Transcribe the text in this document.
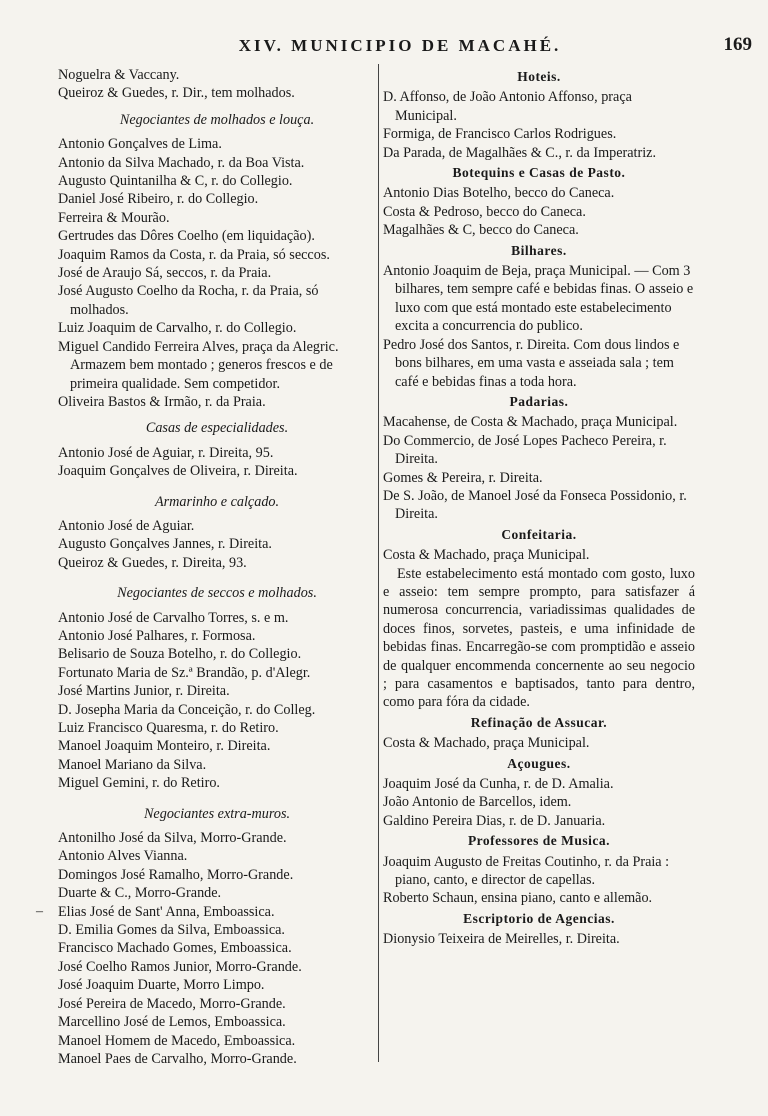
XIV. MUNICIPIO DE MACAHÉ.	169
–
Noguelra & Vaccany.
Queiroz & Guedes, r. Dir., tem molhados.
Negociantes de molhados e louça.
Antonio Gonçalves de Lima.
Antonio da Silva Machado, r. da Boa Vista.
Augusto Quintanilha & C, r. do Collegio.
Daniel José Ribeiro, r. do Collegio.
Ferreira & Mourão.
Gertrudes das Dôres Coelho (em liquidação).
Joaquim Ramos da Costa, r. da Praia, só seccos.
José de Araujo Sá, seccos, r. da Praia.
José Augusto Coelho da Rocha, r. da Praia, só molhados.
Luiz Joaquim de Carvalho, r. do Collegio.
Miguel Candido Ferreira Alves, praça da Alegric. Armazem bem montado ; generos frescos e de primeira qualidade. Sem competidor.
Oliveira Bastos & Irmão, r. da Praia.
Casas de especialidades.
Antonio José de Aguiar, r. Direita, 95.
Joaquim Gonçalves de Oliveira, r. Direita.
Armarinho e calçado.
Antonio José de Aguiar.
Augusto Gonçalves Jannes, r. Direita.
Queiroz & Guedes, r. Direita, 93.
Negociantes de seccos e molhados.
Antonio José de Carvalho Torres, s. e m.
Antonio José Palhares, r. Formosa.
Belisario de Souza Botelho, r. do Collegio.
Fortunato Maria de Sz.ª Brandão, p. d'Alegr.
José Martins Junior, r. Direita.
D. Josepha Maria da Conceição, r. do Colleg.
Luiz Francisco Quaresma, r. do Retiro.
Manoel Joaquim Monteiro, r. Direita.
Manoel Mariano da Silva.
Miguel Gemini, r. do Retiro.
Negociantes extra-muros.
Antonilho José da Silva, Morro-Grande.
Antonio Alves Vianna.
Domingos José Ramalho, Morro-Grande.
Duarte & C., Morro-Grande.
Elias José de Sant' Anna, Emboassica.
D. Emilia Gomes da Silva, Emboassica.
Francisco Machado Gomes, Emboassica.
José Coelho Ramos Junior, Morro-Grande.
José Joaquim Duarte, Morro Limpo.
José Pereira de Macedo, Morro-Grande.
Marcellino José de Lemos, Emboassica.
Manoel Homem de Macedo, Emboassica.
Manoel Paes de Carvalho, Morro-Grande.
Hoteis.
D. Affonso, de João Antonio Affonso, praça Municipal.
Formiga, de Francisco Carlos Rodrigues.
Da Parada, de Magalhães & C., r. da Imperatriz.
Botequins e Casas de Pasto.
Antonio Dias Botelho, becco do Caneca.
Costa & Pedroso, becco do Caneca.
Magalhães & C, becco do Caneca.
Bilhares.
Antonio Joaquim de Beja, praça Municipal. — Com 3 bilhares, tem sempre café e bebidas finas. O asseio e luxo com que está montado este estabelecimento excita a concurrencia do publico.
Pedro José dos Santos, r. Direita. Com dous lindos e bons bilhares, em uma vasta e asseiada sala ; tem café e bebidas finas a toda hora.
Padarias.
Macahense, de Costa & Machado, praça Municipal.
Do Commercio, de José Lopes Pacheco Pereira, r. Direita.
Gomes & Pereira, r. Direita.
De S. João, de Manoel José da Fonseca Possidonio, r. Direita.
Confeitaria.
Costa & Machado, praça Municipal.
Este estabelecimento está montado com gosto, luxo e asseio: tem sempre prompto, para satisfazer á numerosa concurrencia, variadissimas qualidades de doces finos, sorvetes, pasteis, e uma infinidade de bebidas finas. Encarregão-se com promptidão e asseio de qualquer encommenda concernente ao seu negocio ; para casamentos e baptisados, tanto para dentro, como para fóra da cidade.
Refinação de Assucar.
Costa & Machado, praça Municipal.
Açougues.
Joaquim José da Cunha, r. de D. Amalia.
João Antonio de Barcellos, idem.
Galdino Pereira Dias, r. de D. Januaria.
Professores de Musica.
Joaquim Augusto de Freitas Coutinho, r. da Praia : piano, canto, e director de capellas.
Roberto Schaun, ensina piano, canto e allemão.
Escriptorio de Agencias.
Dionysio Teixeira de Meirelles, r. Direita.
